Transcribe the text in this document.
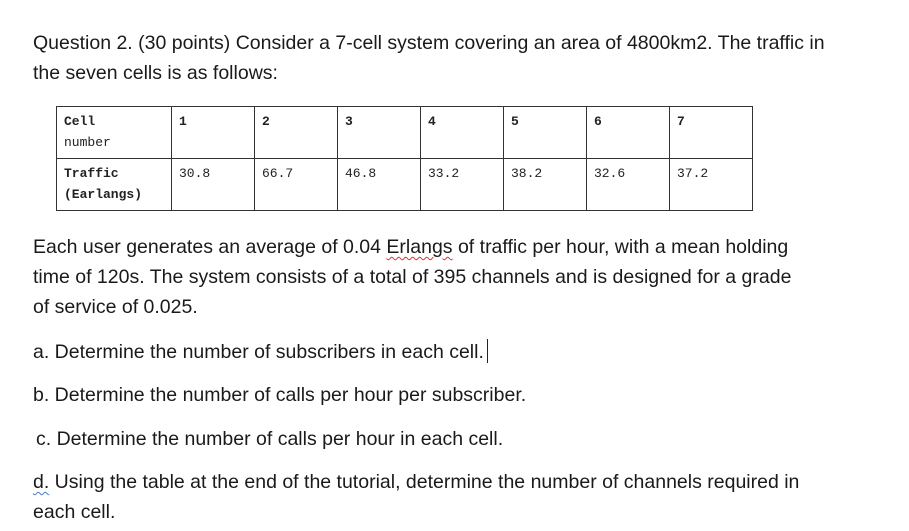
Question 2. (30 points) Consider a 7-cell system covering an area of 4800km2. The traffic in the seven cells is as follows:

Cell
number	1	2	3	4	5	6	7
Traffic
(Earlangs)	30.8	66.7	46.8	33.2	38.2	32.6	37.2

Each user generates an average of 0.04 Erlangs of traffic per hour, with a mean holding time of 120s. The system consists of a total of 395 channels and is designed for a grade of service of 0.025.

a. Determine the number of subscribers in each cell.

b. Determine the number of calls per hour per subscriber.

c. Determine the number of calls per hour in each cell.

d. Using the table at the end of the tutorial, determine the number of channels required in each cell.
